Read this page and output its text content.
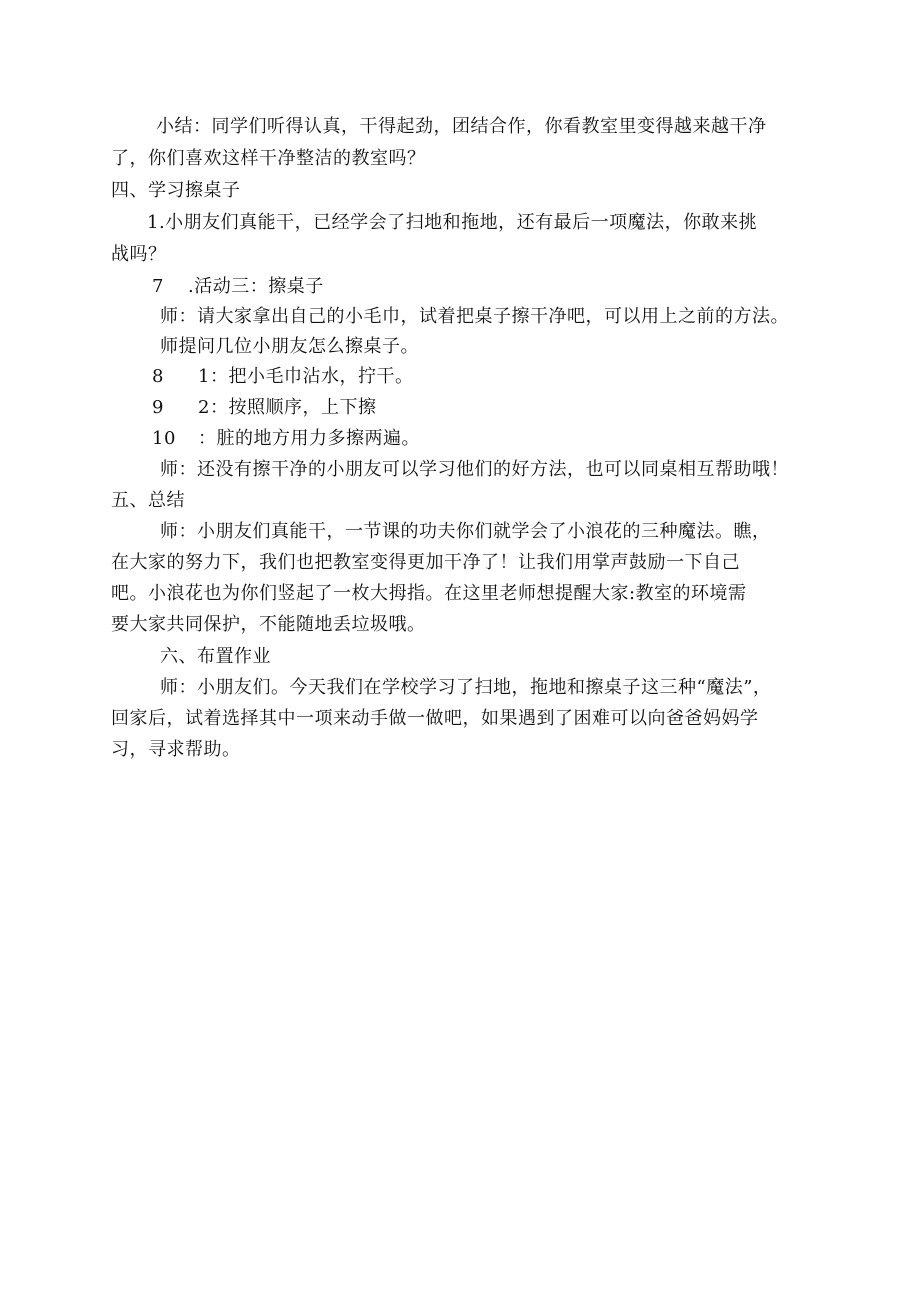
小结：同学们听得认真，干得起劲，团结合作，你看教室里变得越来越干净
了，你们喜欢这样干净整洁的教室吗？
四、学习擦桌子
1.小朋友们真能干，已经学会了扫地和拖地，还有最后一项魔法，你敢来挑
战吗？
7 .活动三：擦桌子
师：请大家拿出自己的小毛巾，试着把桌子擦干净吧，可以用上之前的方法。
师提问几位小朋友怎么擦桌子。
8 1：把小毛巾沾水，拧干。
9 2：按照顺序，上下擦
10 ：脏的地方用力多擦两遍。
师：还没有擦干净的小朋友可以学习他们的好方法，也可以同桌相互帮助哦！
五、总结
师：小朋友们真能干，一节课的功夫你们就学会了小浪花的三种魔法。瞧，
在大家的努力下，我们也把教室变得更加干净了！让我们用掌声鼓励一下自己
吧。小浪花也为你们竖起了一枚大拇指。在这里老师想提醒大家:教室的环境需
要大家共同保护，不能随地丢垃圾哦。
六、布置作业
师：小朋友们。今天我们在学校学习了扫地，拖地和擦桌子这三种“魔法”，
回家后，试着选择其中一项来动手做一做吧，如果遇到了困难可以向爸爸妈妈学
习，寻求帮助。
